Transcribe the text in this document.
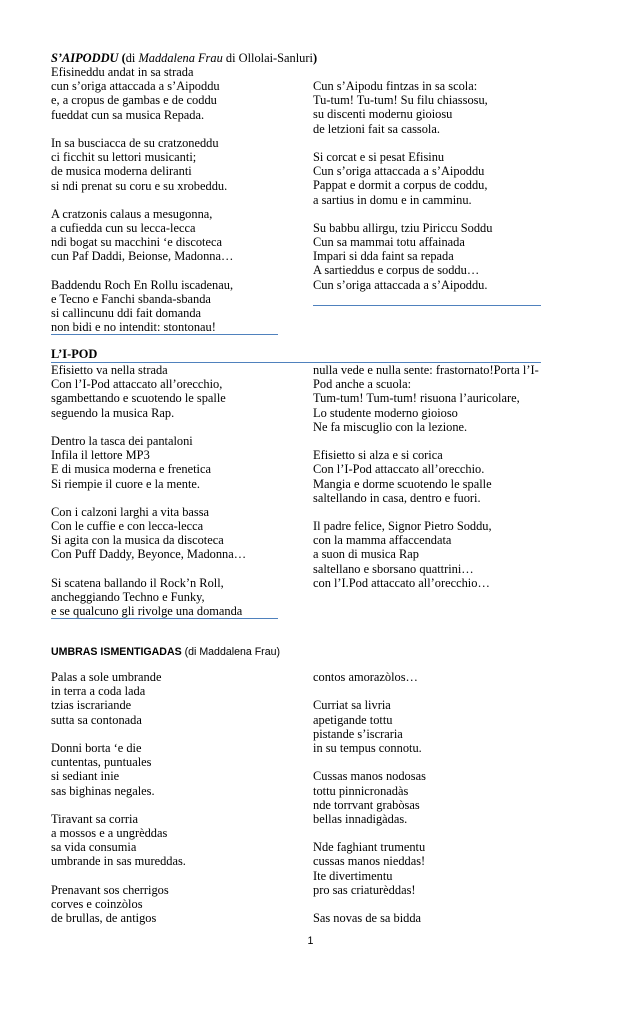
S’AIPODDU (di Maddalena Frau di Ollolai-Sanluri)
Efisineddu andat in sa strada
cun s’origa attaccada a s’Aipoddu
e, a cropus de gambas e de coddu
fueddat cun sa musica Repada.
In sa busciacca de su cratzoneddu
ci ficchit su lettori musicanti;
de musica moderna deliranti
si ndi prenat su coru e su xrobeddu.
A cratzonis calaus a mesugonna,
a cufiedda cun su lecca-lecca
ndi bogat su macchini ‘e discoteca
cun Paf Daddi, Beionse, Madonna…
Baddendu Roch En Rollu iscadenau,
e Tecno e Fanchi sbanda-sbanda
si callincunu ddi fait domanda
non bidi e no intendit: stontonau!
Cun s’Aipodu fintzas in sa scola:
Tu-tum! Tu-tum! Su filu chiassosu,
su discenti modernu gioiosu
de letzioni fait sa cassola.
Si corcat e si pesat Efisinu
Cun s’origa attaccada a s’Aipoddu
Pappat e dormit a corpus de coddu,
a sartius in domu e in camminu.
Su babbu allirgu, tziu Piriccu Soddu
Cun sa mammai totu affainada
Impari si dda faint sa repada
A sartieddus e corpus de soddu…
Cun s’origa attaccada a s’Aipoddu.
L’I-POD
Efisietto va nella strada
Con l’I-Pod attaccato all’orecchio,
sgambettando e scuotendo le spalle
seguendo la musica Rap.
Dentro la tasca dei pantaloni
Infila il lettore MP3
E di musica moderna e frenetica
Si riempie il cuore e la mente.
Con i calzoni larghi a vita bassa
Con le cuffie e con lecca-lecca
Si agita con la musica da discoteca
Con Puff Daddy, Beyonce, Madonna…
Si scatena ballando il Rock’n Roll,
ancheggiando Techno e Funky,
e se qualcuno gli rivolge una domanda
nulla vede e nulla sente: frastornato!Porta l’I-
Pod anche a scuola:
Tum-tum! Tum-tum! risuona l’auricolare,
Lo studente moderno gioioso
Ne fa miscuglio con la lezione.
Efisietto si alza e si corica
Con l’I-Pod attaccato all’orecchio.
Mangia e dorme scuotendo le spalle
saltellando in casa, dentro e fuori.
Il padre felice, Signor Pietro Soddu,
con la mamma affaccendata
a suon di musica Rap
saltellano e sborsano quattrini…
con l’I.Pod attaccato all’orecchio…
UMBRAS ISMENTIGADAS (di Maddalena Frau)
Palas a sole umbrande
in terra a coda lada
tzias iscrariande
sutta sa contonada
Donni borta ‘e die
cuntentas, puntuales
si sediant inie
sas bighinas negales.
Tiravant sa corria
a mossos e a ungrèddas
sa vida consumia
umbrande in sas mureddas.
Prenavant sos cherrigos
corves e coinzòlos
de brullas, de antigos
contos amorazòlos…
Curriat sa livria
apetigande tottu
pistande s’iscraria
in su tempus connotu.
Cussas manos nodosas
tottu pinnicronadàs
nde torrvant grabòsas
bellas innadigàdas.
Nde faghiant trumentu
cussas manos nieddas!
Ite divertimentu
pro sas criaturèddas!
Sas novas de sa bidda
1
